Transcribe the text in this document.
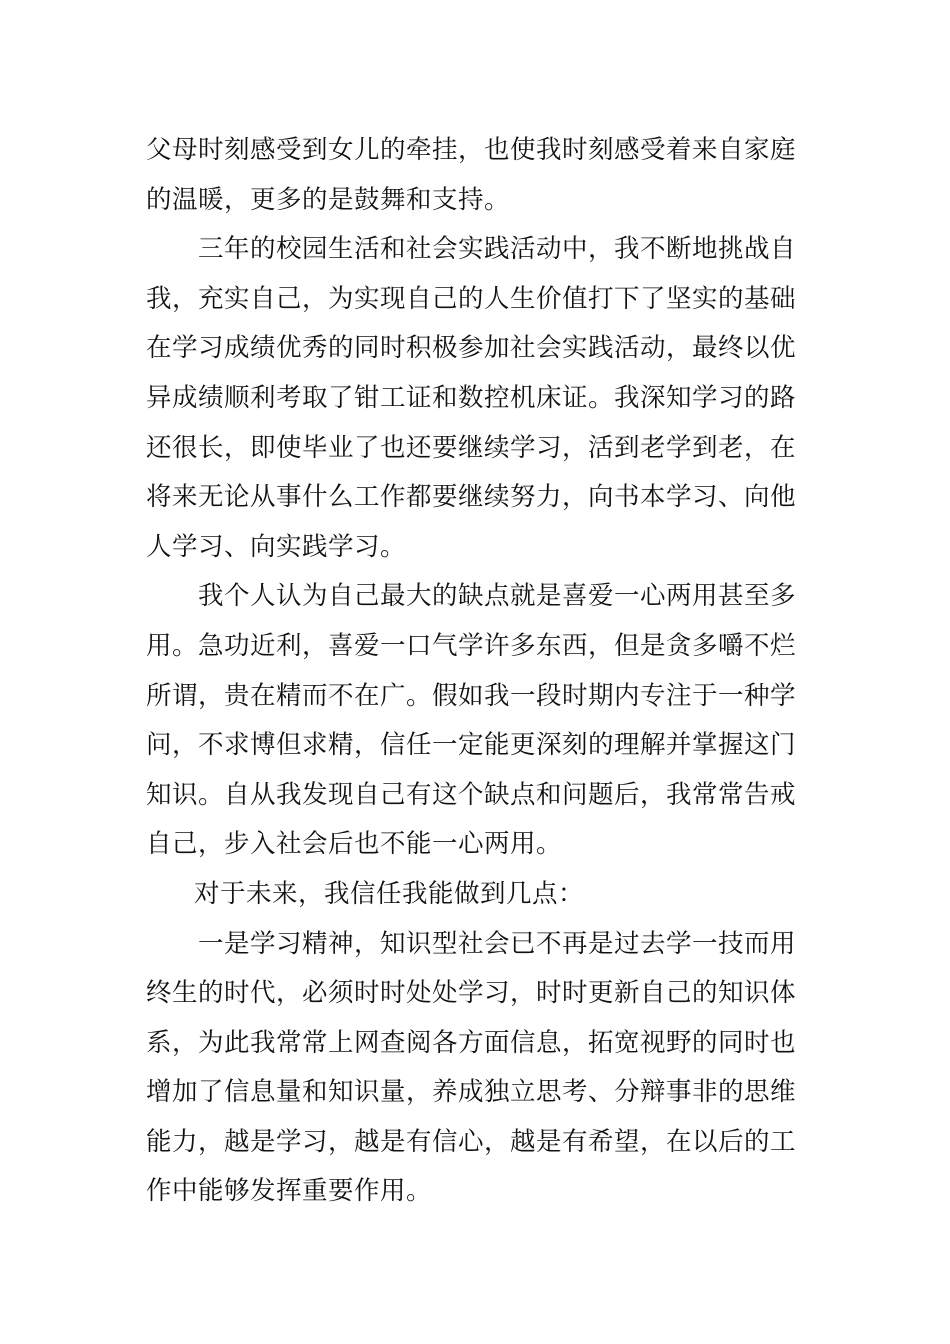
父母时刻感受到女儿的牵挂，也使我时刻感受着来自家庭
的温暖，更多的是鼓舞和支持。
三年的校园生活和社会实践活动中，我不断地挑战自
我，充实自己，为实现自己的人生价值打下了坚实的基础
在学习成绩优秀的同时积极参加社会实践活动，最终以优
异成绩顺利考取了钳工证和数控机床证。我深知学习的路
还很长，即使毕业了也还要继续学习，活到老学到老，在
将来无论从事什么工作都要继续努力，向书本学习、向他
人学习、向实践学习。
我个人认为自己最大的缺点就是喜爱一心两用甚至多
用。急功近利，喜爱一口气学许多东西，但是贪多嚼不烂
所谓，贵在精而不在广。假如我一段时期内专注于一种学
问，不求博但求精，信任一定能更深刻的理解并掌握这门
知识。自从我发现自己有这个缺点和问题后，我常常告戒
自己，步入社会后也不能一心两用。
对于未来，我信任我能做到几点：
一是学习精神，知识型社会已不再是过去学一技而用
终生的时代，必须时时处处学习，时时更新自己的知识体
系，为此我常常上网查阅各方面信息，拓宽视野的同时也
增加了信息量和知识量，养成独立思考、分辩事非的思维
能力，越是学习，越是有信心，越是有希望，在以后的工
作中能够发挥重要作用。
